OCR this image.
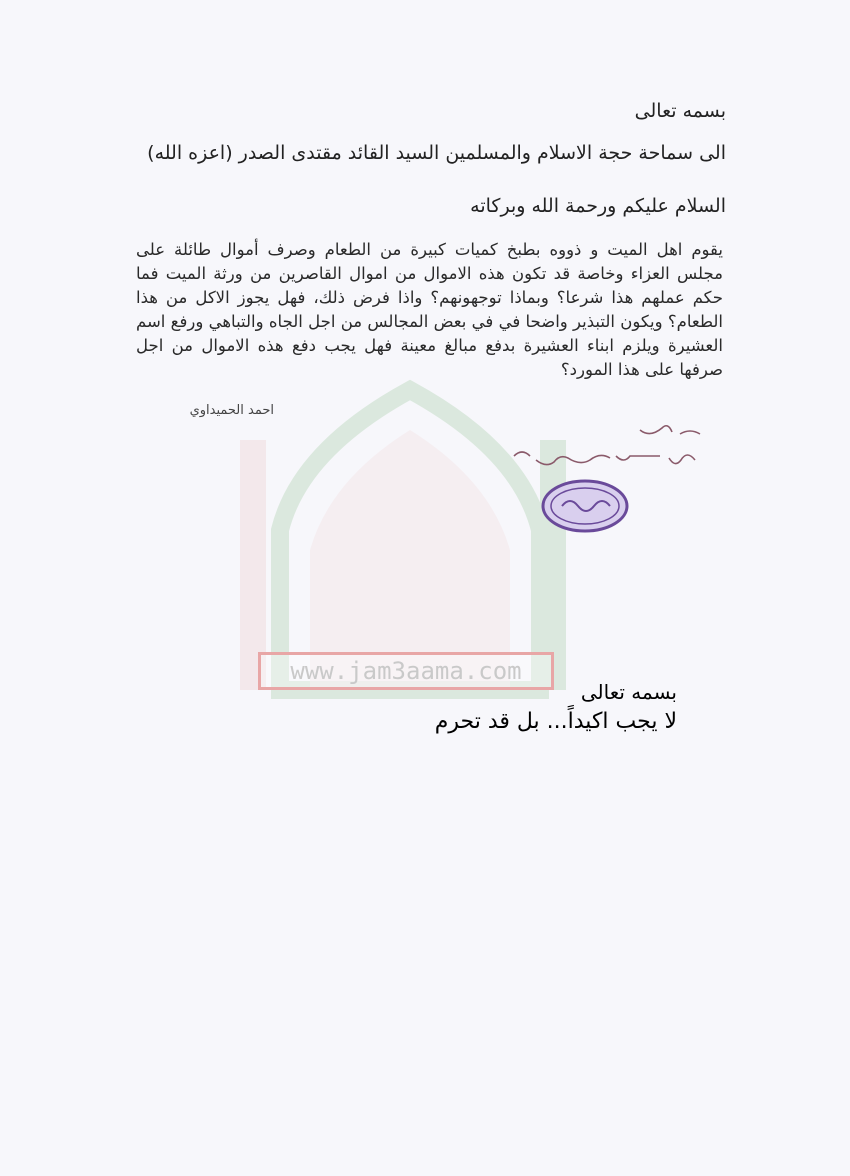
www.jam3aama.com
بسمه تعالى
الى سماحة حجة الاسلام والمسلمين السيد القائد مقتدى الصدر (اعزه الله)
السلام عليكم ورحمة الله وبركاته
يقوم اهل الميت و ذووه بطبخ كميات كبيرة من الطعام وصرف أموال طائلة على مجلس العزاء وخاصة قد تكون هذه الاموال من اموال القاصرين من ورثة الميت فما حكم عملهم هذا شرعا؟ وبماذا توجهونهم؟ واذا فرض ذلك، فهل يجوز الاكل من هذا الطعام؟ ويكون التبذير واضحا في في بعض المجالس من اجل الجاه والتباهي ورفع اسم العشيرة ويلزم ابناء العشيرة بدفع مبالغ معينة فهل يجب دفع هذه الاموال من اجل صرفها على هذا المورد؟
احمد الحميداوي
بسمه تعالى
لا يجب اكيداً... بل قد تحرم
